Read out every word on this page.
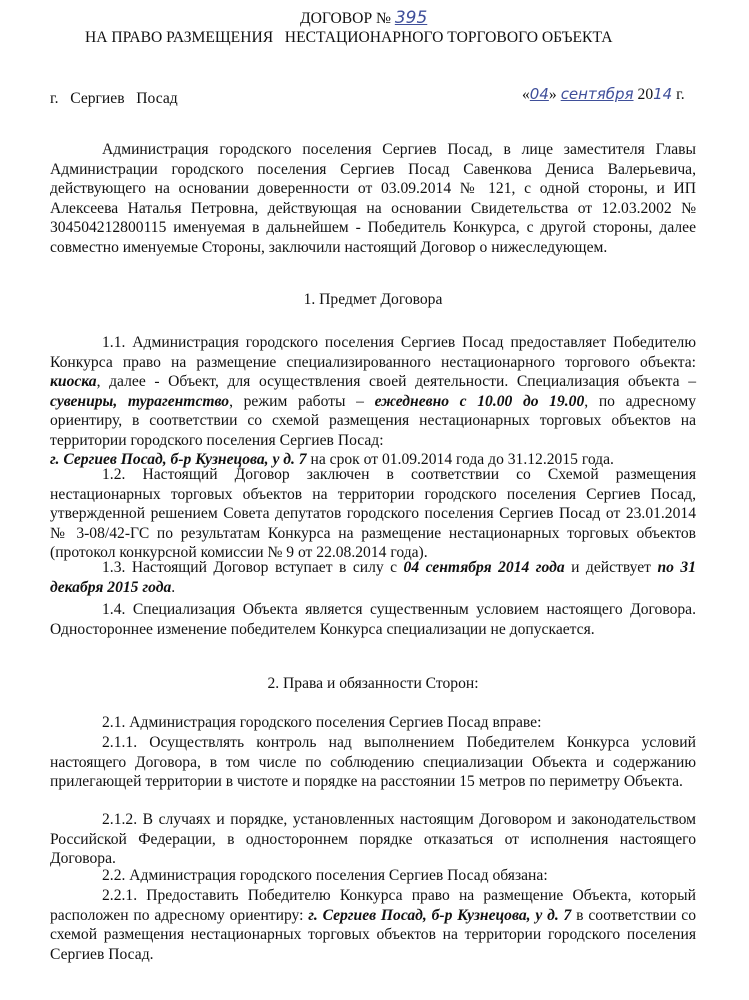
ДОГОВОР № 395
НА ПРАВО РАЗМЕЩЕНИЯ   НЕСТАЦИОНАРНОГО ТОРГОВОГО ОБЪЕКТА
г.   Сергиев   Посад	«04» сентября 2014 г.

Администрация городского поселения Сергиев Посад, в лице заместителя Главы Администрации городского поселения Сергиев Посад Савенкова Дениса Валерьевича, действующего на основании доверенности от 03.09.2014 № 121, с одной стороны, и ИП Алексеева Наталья Петровна, действующая на основании Свидетельства от 12.03.2002 № 304504212800115 именуемая в дальнейшем - Победитель Конкурса, с другой стороны, далее совместно именуемые Стороны, заключили настоящий Договор о нижеследующем.

1. Предмет Договора

1.1. Администрация городского поселения Сергиев Посад предоставляет Победителю Конкурса право на размещение специализированного нестационарного торгового объекта: киоска, далее - Объект, для осуществления своей деятельности. Специализация объекта – сувениры, турагентство, режим работы – ежедневно с 10.00 до 19.00, по адресному ориентиру, в соответствии со схемой размещения нестационарных торговых объектов на территории городского поселения Сергиев Посад:
г. Сергиев Посад, б-р Кузнецова, у д. 7 на срок от 01.09.2014 года до 31.12.2015 года.

1.2. Настоящий Договор заключен в соответствии со Схемой размещения нестационарных торговых объектов на территории городского поселения Сергиев Посад, утвержденной решением Совета депутатов городского поселения Сергиев Посад от 23.01.2014 № 3-08/42-ГС по результатам Конкурса на размещение нестационарных торговых объектов (протокол конкурсной комиссии № 9 от 22.08.2014 года).

1.3. Настоящий Договор вступает в силу с 04 сентября 2014 года и действует по 31 декабря 2015 года.

1.4. Специализация Объекта является существенным условием настоящего Договора. Одностороннее изменение победителем Конкурса специализации не допускается.

2. Права и обязанности Сторон:

2.1. Администрация городского поселения Сергиев Посад вправе:

2.1.1. Осуществлять контроль над выполнением Победителем Конкурса условий настоящего Договора, в том числе по соблюдению специализации Объекта и содержанию прилегающей территории в чистоте и порядке на расстоянии 15 метров по периметру Объекта.

2.1.2. В случаях и порядке, установленных настоящим Договором и законодательством Российской Федерации, в одностороннем порядке отказаться от исполнения настоящего Договора.

2.2. Администрация городского поселения Сергиев Посад обязана:

2.2.1. Предоставить Победителю Конкурса право на размещение Объекта, который расположен по адресному ориентиру: г. Сергиев Посад, б-р Кузнецова, у д. 7 в соответствии со схемой размещения нестационарных торговых объектов на территории городского поселения Сергиев Посад.
